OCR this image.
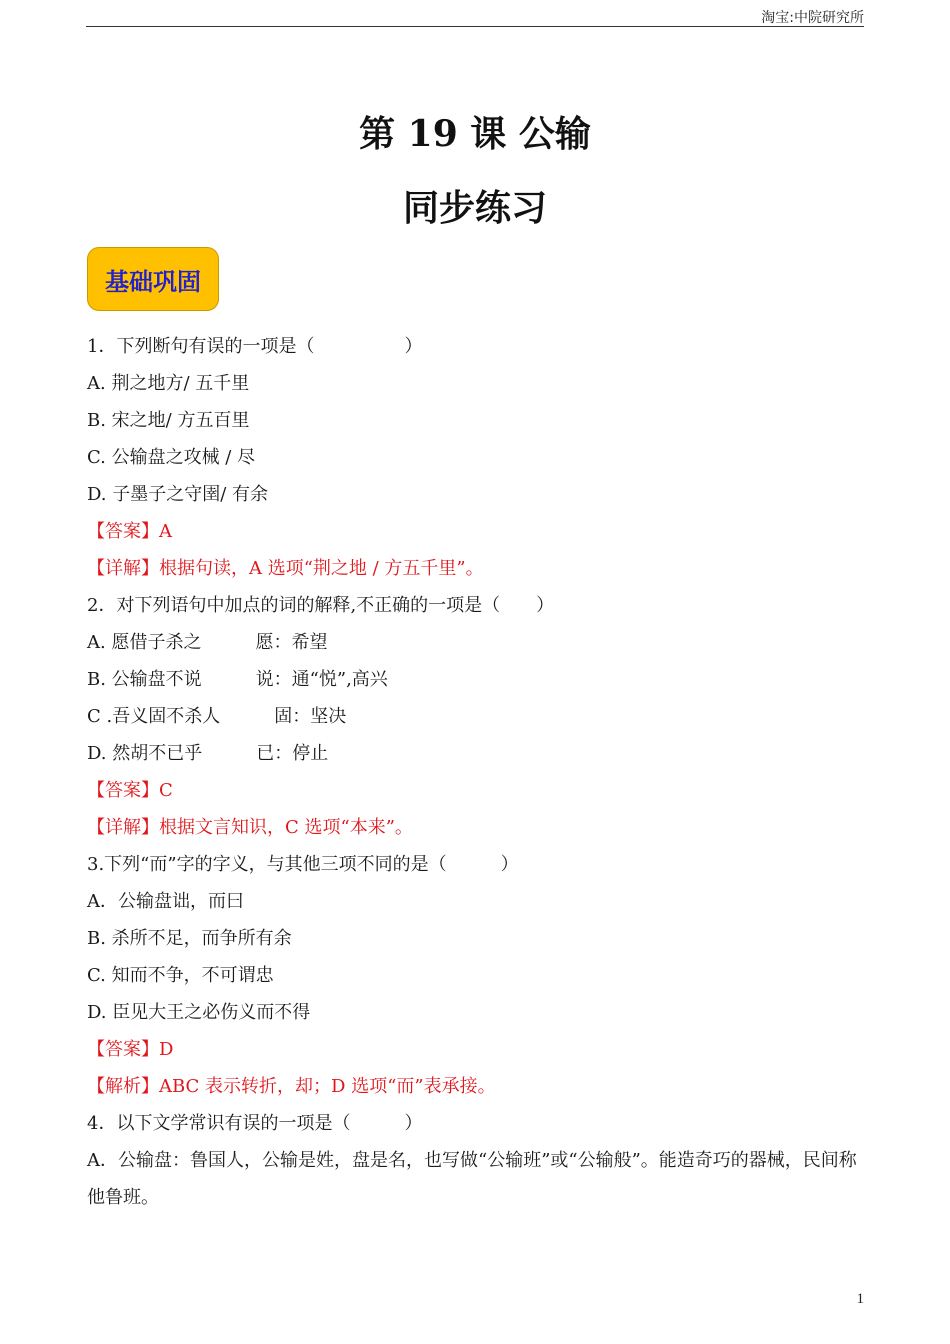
淘宝:中院研究所
第 19 课 公输
同步练习
基础巩固
1．下列断句有误的一项是（　　　　　）
A. 荆之地方/ 五千里
B. 宋之地/ 方五百里
C. 公输盘之攻械 / 尽
D. 子墨子之守圉/ 有余
【答案】A
【详解】根据句读，A 选项“荆之地 / 方五千里”。
2．对下列语句中加点的词的解释,不正确的一项是（　　）
A. 愿借子杀之　　　愿：希望
B. 公输盘不说　　　说：通“悦”,高兴
C .吾义固不杀人　　　固：坚决
D. 然胡不已乎　　　已：停止
【答案】C
【详解】根据文言知识，C 选项“本来”。
3.下列“而”字的字义，与其他三项不同的是（　　　）
A．公输盘诎，而曰
B. 杀所不足，而争所有余
C. 知而不争，不可谓忠
D. 臣见大王之必伤义而不得
【答案】D
【解析】ABC 表示转折，却；D 选项“而”表承接。
4．以下文学常识有误的一项是（　　　）
A．公输盘：鲁国人，公输是姓，盘是名，也写做“公输班”或“公输般”。能造奇巧的器械，民间称他鲁班。
1
